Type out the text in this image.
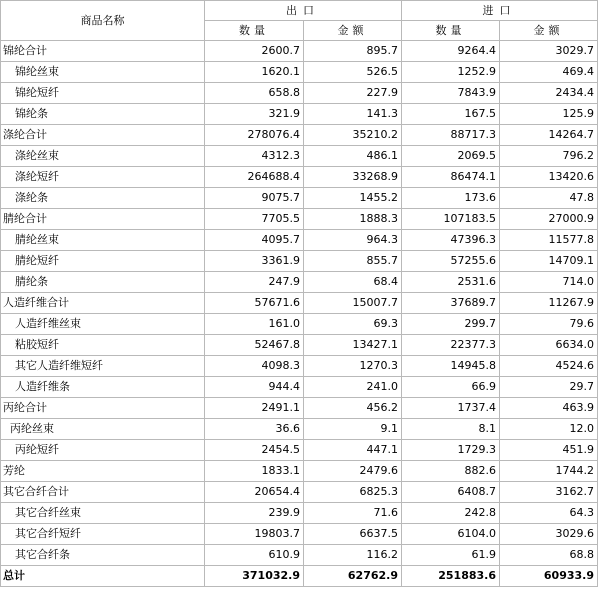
商品名称	出口		进口	
	数量	金额	数量	金额
锦纶合计	2600.7	895.7	9264.4	3029.7
锦纶丝束	1620.1	526.5	1252.9	469.4
锦纶短纤	658.8	227.9	7843.9	2434.4
锦纶条	321.9	141.3	167.5	125.9
涤纶合计	278076.4	35210.2	88717.3	14264.7
涤纶丝束	4312.3	486.1	2069.5	796.2
涤纶短纤	264688.4	33268.9	86474.1	13420.6
涤纶条	9075.7	1455.2	173.6	47.8
腈纶合计	7705.5	1888.3	107183.5	27000.9
腈纶丝束	4095.7	964.3	47396.3	11577.8
腈纶短纤	3361.9	855.7	57255.6	14709.1
腈纶条	247.9	68.4	2531.6	714.0
人造纤维合计	57671.6	15007.7	37689.7	11267.9
人造纤维丝束	161.0	69.3	299.7	79.6
粘胶短纤	52467.8	13427.1	22377.3	6634.0
其它人造纤维短纤	4098.3	1270.3	14945.8	4524.6
人造纤维条	944.4	241.0	66.9	29.7
丙纶合计	2491.1	456.2	1737.4	463.9
丙纶丝束	36.6	9.1	8.1	12.0
丙纶短纤	2454.5	447.1	1729.3	451.9
芳纶	1833.1	2479.6	882.6	1744.2
其它合纤合计	20654.4	6825.3	6408.7	3162.7
其它合纤丝束	239.9	71.6	242.8	64.3
其它合纤短纤	19803.7	6637.5	6104.0	3029.6
其它合纤条	610.9	116.2	61.9	68.8
总计	371032.9	62762.9	251883.6	60933.9
